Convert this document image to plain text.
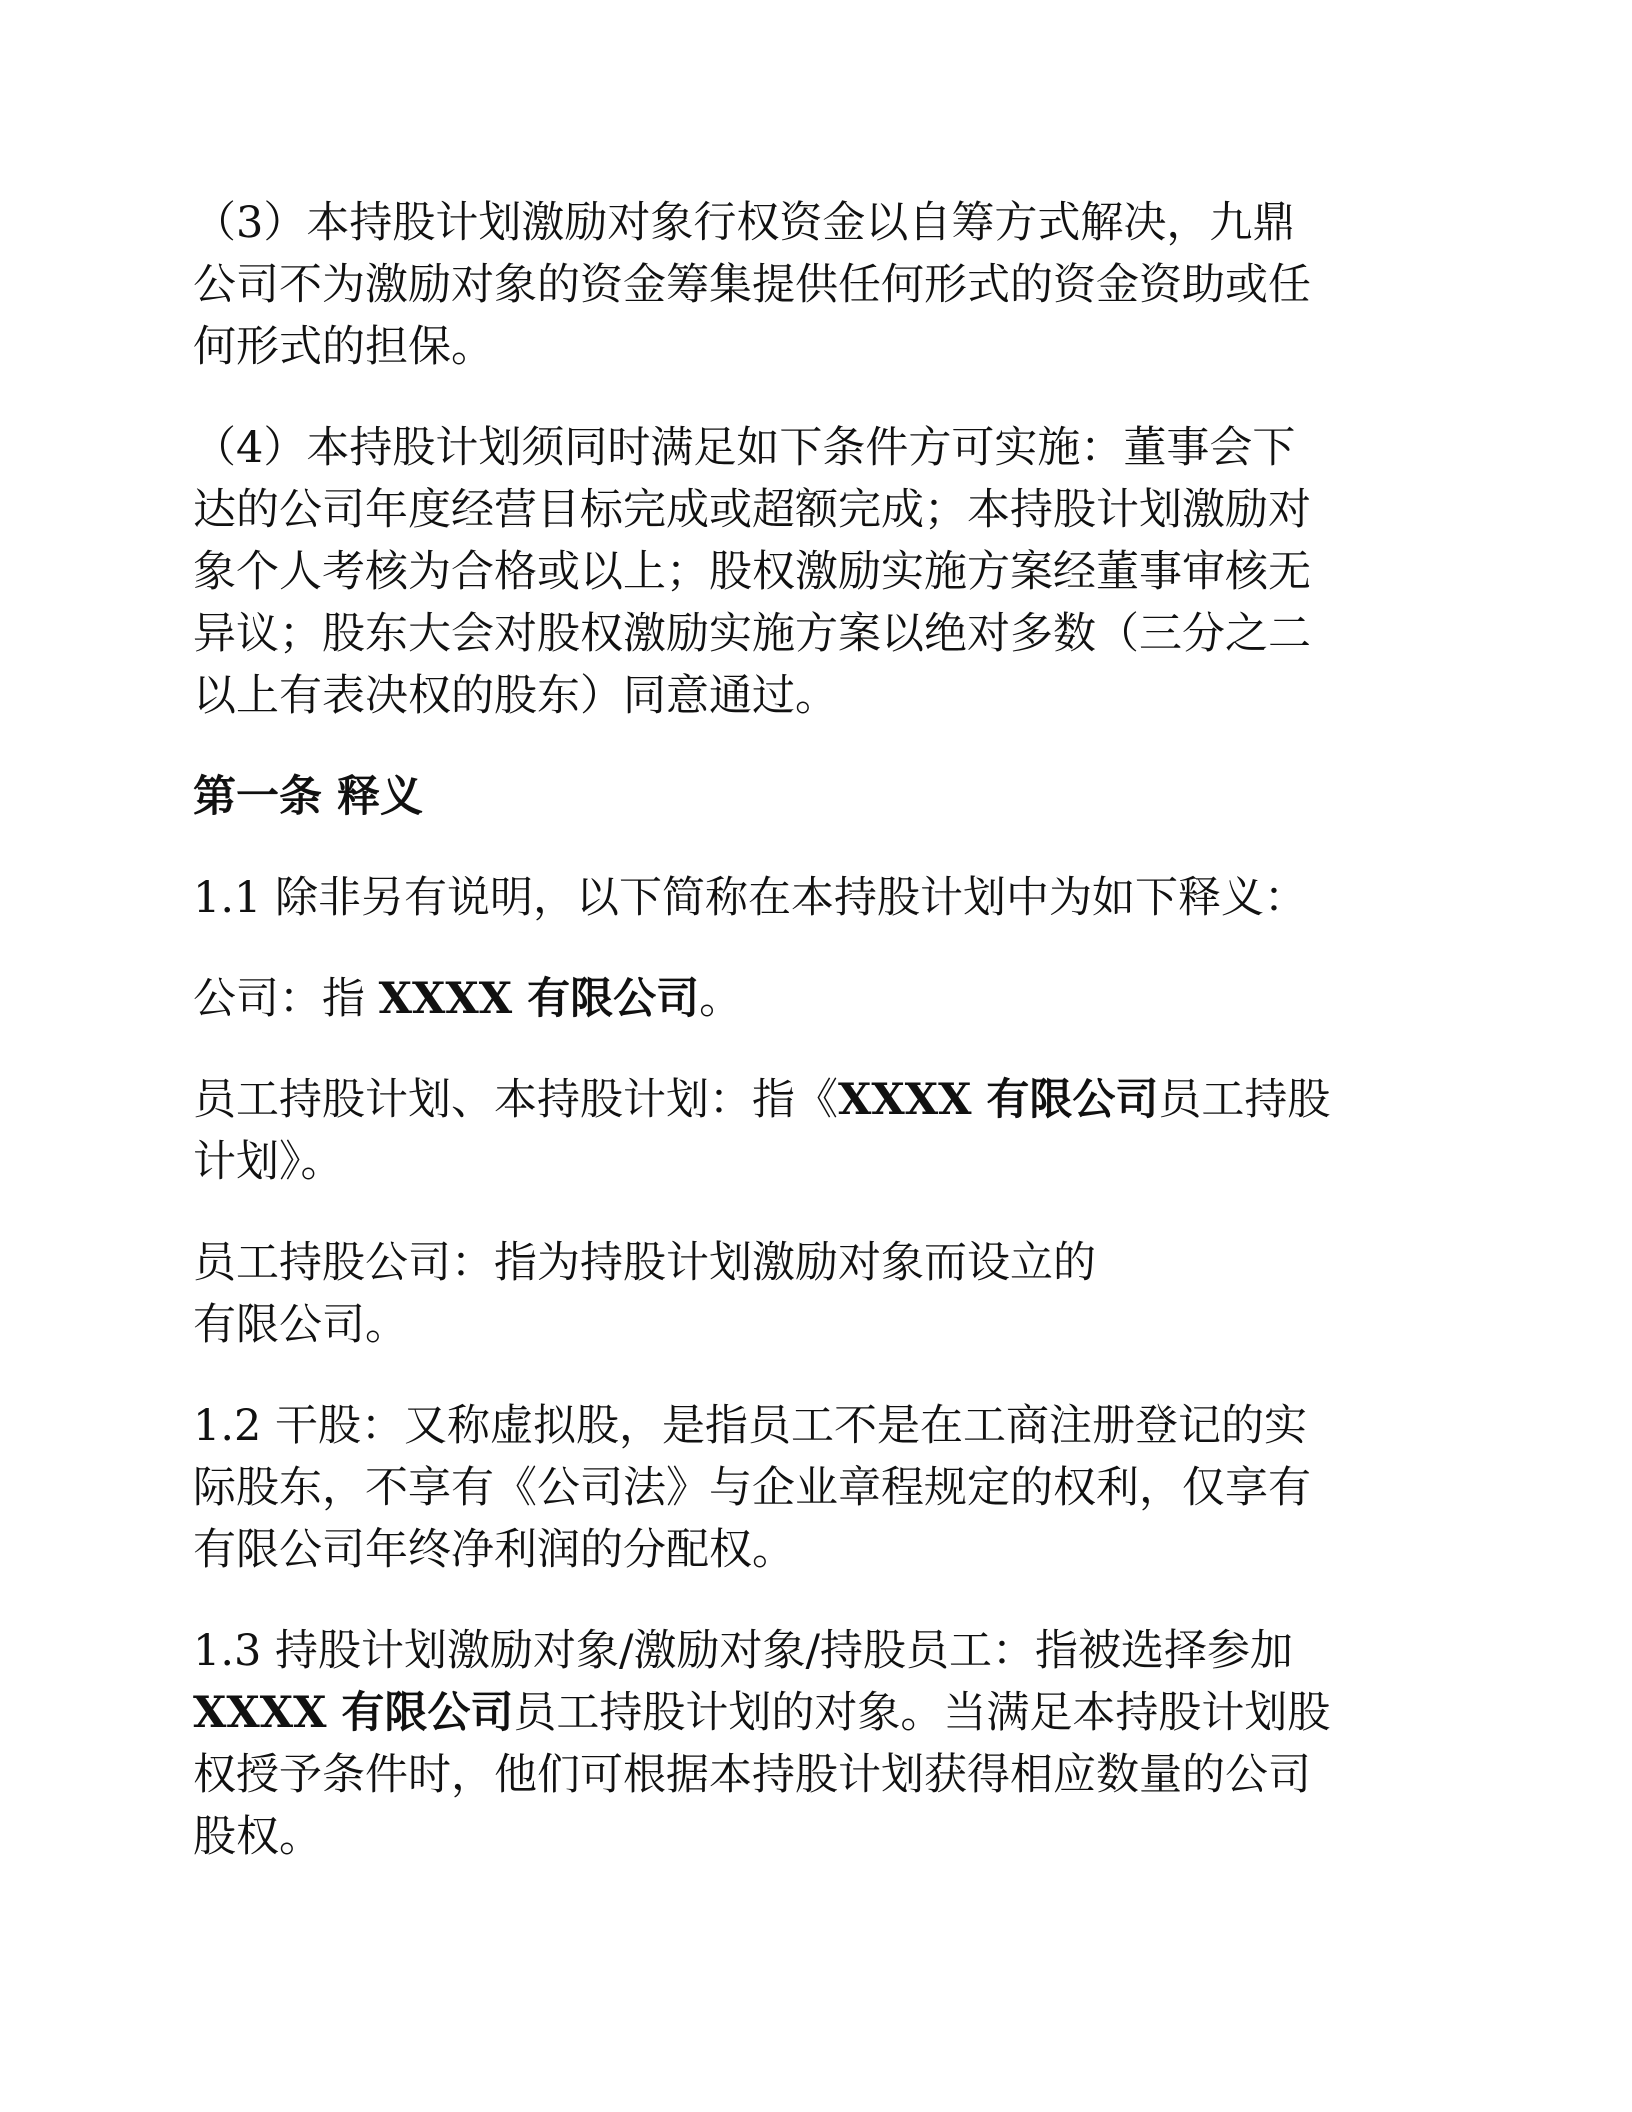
（3）本持股计划激励对象行权资金以自筹方式解决，九鼎
公司不为激励对象的资金筹集提供任何形式的资金资助或任
何形式的担保。
（4）本持股计划须同时满足如下条件方可实施：董事会下
达的公司年度经营目标完成或超额完成；本持股计划激励对
象个人考核为合格或以上；股权激励实施方案经董事审核无
异议；股东大会对股权激励实施方案以绝对多数（三分之二
以上有表决权的股东）同意通过。
第一条 释义
1.1 除非另有说明，以下简称在本持股计划中为如下释义：
公司：指 XXXX 有限公司。
员工持股计划、本持股计划：指《XXXX 有限公司员工持股
计划》。
员工持股公司：指为持股计划激励对象而设立的
有限公司。
1.2 干股：又称虚拟股，是指员工不是在工商注册登记的实
际股东，不享有《公司法》与企业章程规定的权利，仅享有
有限公司年终净利润的分配权。
1.3 持股计划激励对象/激励对象/持股员工：指被选择参加
XXXX 有限公司员工持股计划的对象。当满足本持股计划股
权授予条件时，他们可根据本持股计划获得相应数量的公司
股权。
